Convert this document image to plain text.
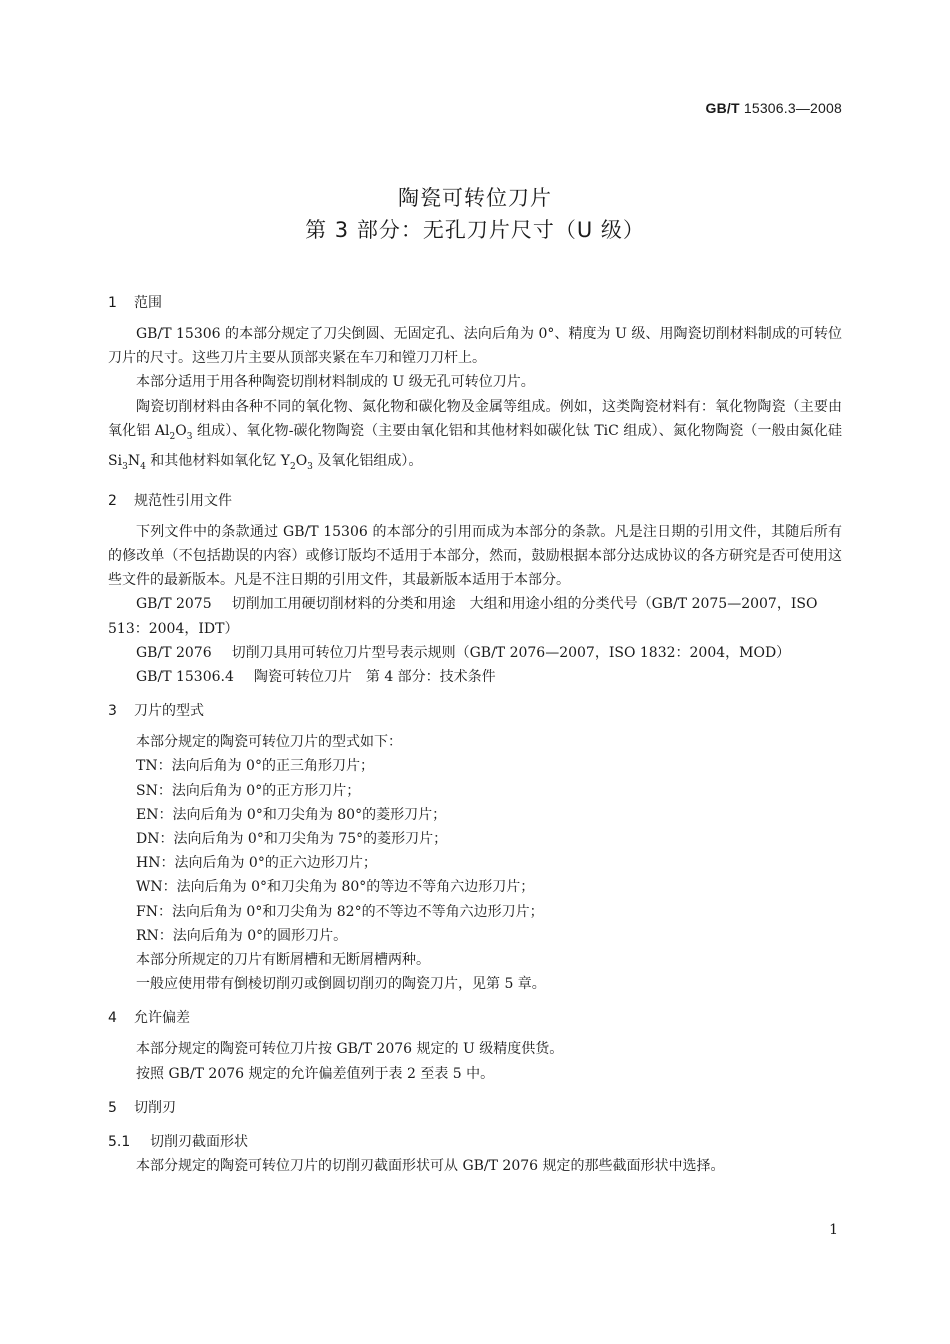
GB/T 15306.3—2008
陶瓷可转位刀片
第 3 部分：无孔刀片尺寸（U 级）
1 范围

GB/T 15306 的本部分规定了刀尖倒圆、无固定孔、法向后角为 0°、精度为 U 级、用陶瓷切削材料制成的可转位刀片的尺寸。这些刀片主要从顶部夹紧在车刀和镗刀刀杆上。

本部分适用于用各种陶瓷切削材料制成的 U 级无孔可转位刀片。

陶瓷切削材料由各种不同的氧化物、氮化物和碳化物及金属等组成。例如，这类陶瓷材料有：氧化物陶瓷（主要由氧化铝 $Al_2O_3$ 组成）、氧化物-碳化物陶瓷（主要由氧化铝和其他材料如碳化钛 TiC 组成）、氮化物陶瓷（一般由氮化硅 $Si_3N_4$ 和其他材料如氧化钇 $Y_2O_3$ 及氧化铝组成）。

2 规范性引用文件

下列文件中的条款通过 GB/T 15306 的本部分的引用而成为本部分的条款。凡是注日期的引用文件，其随后所有的修改单（不包括勘误的内容）或修订版均不适用于本部分，然而，鼓励根据本部分达成协议的各方研究是否可使用这些文件的最新版本。凡是不注日期的引用文件，其最新版本适用于本部分。

GB/T 2075 切削加工用硬切削材料的分类和用途　大组和用途小组的分类代号（GB/T 2075—2007，ISO 513：2004，IDT）

GB/T 2076 切削刀具用可转位刀片型号表示规则（GB/T 2076—2007，ISO 1832：2004，MOD）

GB/T 15306.4 陶瓷可转位刀片　第 4 部分：技术条件

3 刀片的型式

本部分规定的陶瓷可转位刀片的型式如下：

TN：法向后角为 0°的正三角形刀片；

SN：法向后角为 0°的正方形刀片；

EN：法向后角为 0°和刀尖角为 80°的菱形刀片；

DN：法向后角为 0°和刀尖角为 75°的菱形刀片；

HN：法向后角为 0°的正六边形刀片；

WN：法向后角为 0°和刀尖角为 80°的等边不等角六边形刀片；

FN：法向后角为 0°和刀尖角为 82°的不等边不等角六边形刀片；

RN：法向后角为 0°的圆形刀片。

本部分所规定的刀片有断屑槽和无断屑槽两种。

一般应使用带有倒棱切削刃或倒圆切削刃的陶瓷刀片，见第 5 章。

4 允许偏差

本部分规定的陶瓷可转位刀片按 GB/T 2076 规定的 U 级精度供货。

按照 GB/T 2076 规定的允许偏差值列于表 2 至表 5 中。

5 切削刃
5.1 切削刃截面形状

本部分规定的陶瓷可转位刀片的切削刃截面形状可从 GB/T 2076 规定的那些截面形状中选择。

1
